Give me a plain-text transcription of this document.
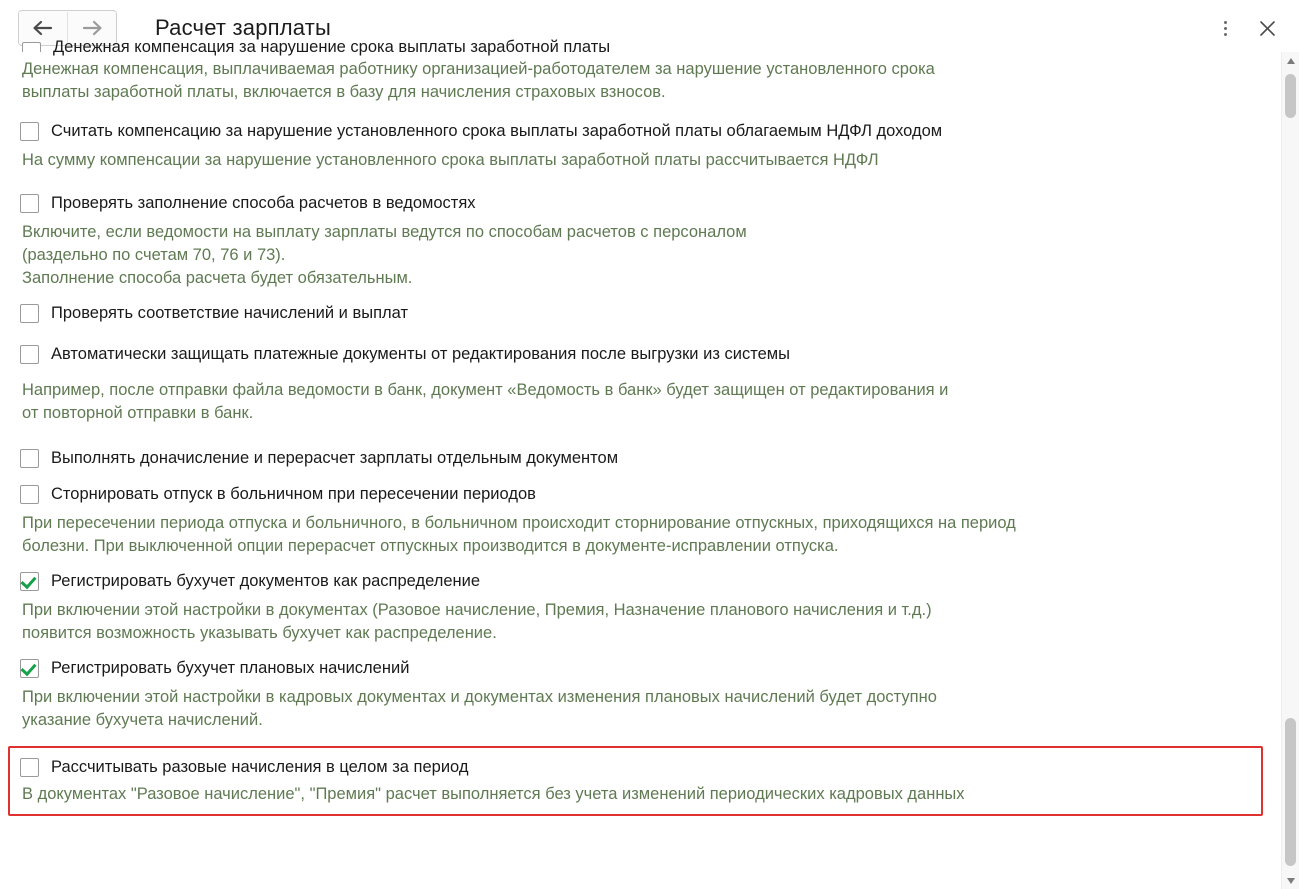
Расчет зарплаты
Денежная компенсация за нарушение срока выплаты заработной платы
Денежная компенсация, выплачиваемая работнику организацией-работодателем за нарушение установленного срока
выплаты заработной платы, включается в базу для начисления страховых взносов.
Считать компенсацию за нарушение установленного срока выплаты заработной платы облагаемым НДФЛ доходом
На сумму компенсации за нарушение установленного срока выплаты заработной платы рассчитывается НДФЛ
Проверять заполнение способа расчетов в ведомостях
Включите, если ведомости на выплату зарплаты ведутся по способам расчетов с персоналом
(раздельно по счетам 70, 76 и 73).
Заполнение способа расчета будет обязательным.
Проверять соответствие начислений и выплат
Автоматически защищать платежные документы от редактирования после выгрузки из системы
Например, после отправки файла ведомости в банк, документ «Ведомость в банк» будет защищен от редактирования и
от повторной отправки в банк.
Выполнять доначисление и перерасчет зарплаты отдельным документом
Сторнировать отпуск в больничном при пересечении периодов
При пересечении периода отпуска и больничного, в больничном происходит сторнирование отпускных, приходящихся на период
болезни. При выключенной опции перерасчет отпускных производится в документе-исправлении отпуска.
Регистрировать бухучет документов как распределение
При включении этой настройки в документах (Разовое начисление, Премия, Назначение планового начисления и т.д.)
появится возможность указывать бухучет как распределение.
Регистрировать бухучет плановых начислений
При включении этой настройки в кадровых документах и документах изменения плановых начислений будет доступно
указание бухучета начислений.
Рассчитывать разовые начисления в целом за период
В документах "Разовое начисление", "Премия" расчет выполняется без учета изменений периодических кадровых данных
